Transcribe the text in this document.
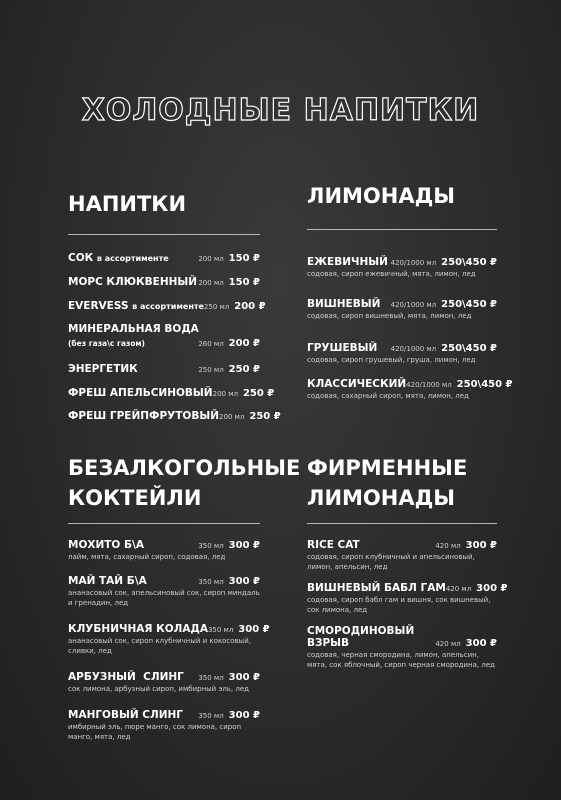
ХОЛОДНЫЕ НАПИТКИ
НАПИТКИ
СОК в ассортименте	200 мл 150 ₽
МОРС КЛЮКВЕННЫЙ 200 мл 150 ₽
EVERVESS в ассортименте 250 мл 200 ₽
МИНЕРАЛЬНАЯ ВОДА
(без газа\с газом)	260 мл 200 ₽
ЭНЕРГЕТИК	250 мл 250 ₽
ФРЕШ АПЕЛЬСИНОВЫЙ 200 мл 250 ₽
ФРЕШ ГРЕЙПФРУТОВЫЙ 200 мл 250 ₽
ЛИМОНАДЫ
ЕЖЕВИЧНЫЙ 420/1000 мл 250\450 ₽
содовая, сироп ежевичный, мята, лимон, лед
ВИШНЕВЫЙ	420/1000 мл 250\450 ₽
содовая, сироп вишневый, мята, лимон, лед
ГРУШЕВЫЙ	420/1000 мл 250\450 ₽
содовая, сироп грушевый, груша, лимон, лед
КЛАССИЧЕСКИЙ 420/1000 мл 250\450 ₽
содовая, сахарный сироп, мята, лимон, лед
БЕЗАЛКОГОЛЬНЫЕ
КОКТЕЙЛИ
МОХИТО Б\А	350 мл 300 ₽
лайм, мята, сахарный сироп, содовая, лед
МАЙ ТАЙ Б\А	350 мл 300 ₽
ананасовый сок, апельсиновый сок, сироп миндаль и гренадин, лед
КЛУБНИЧНАЯ КОЛАДА 350 мл 300 ₽
ананасовый сок, сироп клубничный и кокосовый, сливки, лед
АРБУЗНЫЙ  СЛИНГ	350 мл 300 ₽
сок лимона, арбузный сироп, имбирный эль, лед
МАНГОВЫЙ СЛИНГ	350 мл 300 ₽
имбирный эль, пюре манго, сок лимона, сироп манго, мята, лед
ФИРМЕННЫЕ
ЛИМОНАДЫ
RICE CAT	420 мл 300 ₽
содовая, сироп клубничный и апельсиновый, лимон, апельсин, лед
ВИШНЕВЫЙ БАБЛ ГАМ 420 мл 300 ₽
содовая, сироп бабл гам и вишня, сок вишневый, сок лимона, лед
СМОРОДИНОВЫЙ
ВЗРЫВ	420 мл 300 ₽
содовая, черная смородина, лимон, апельсин, мята, сок яблочный, сироп черная смородина, лед
